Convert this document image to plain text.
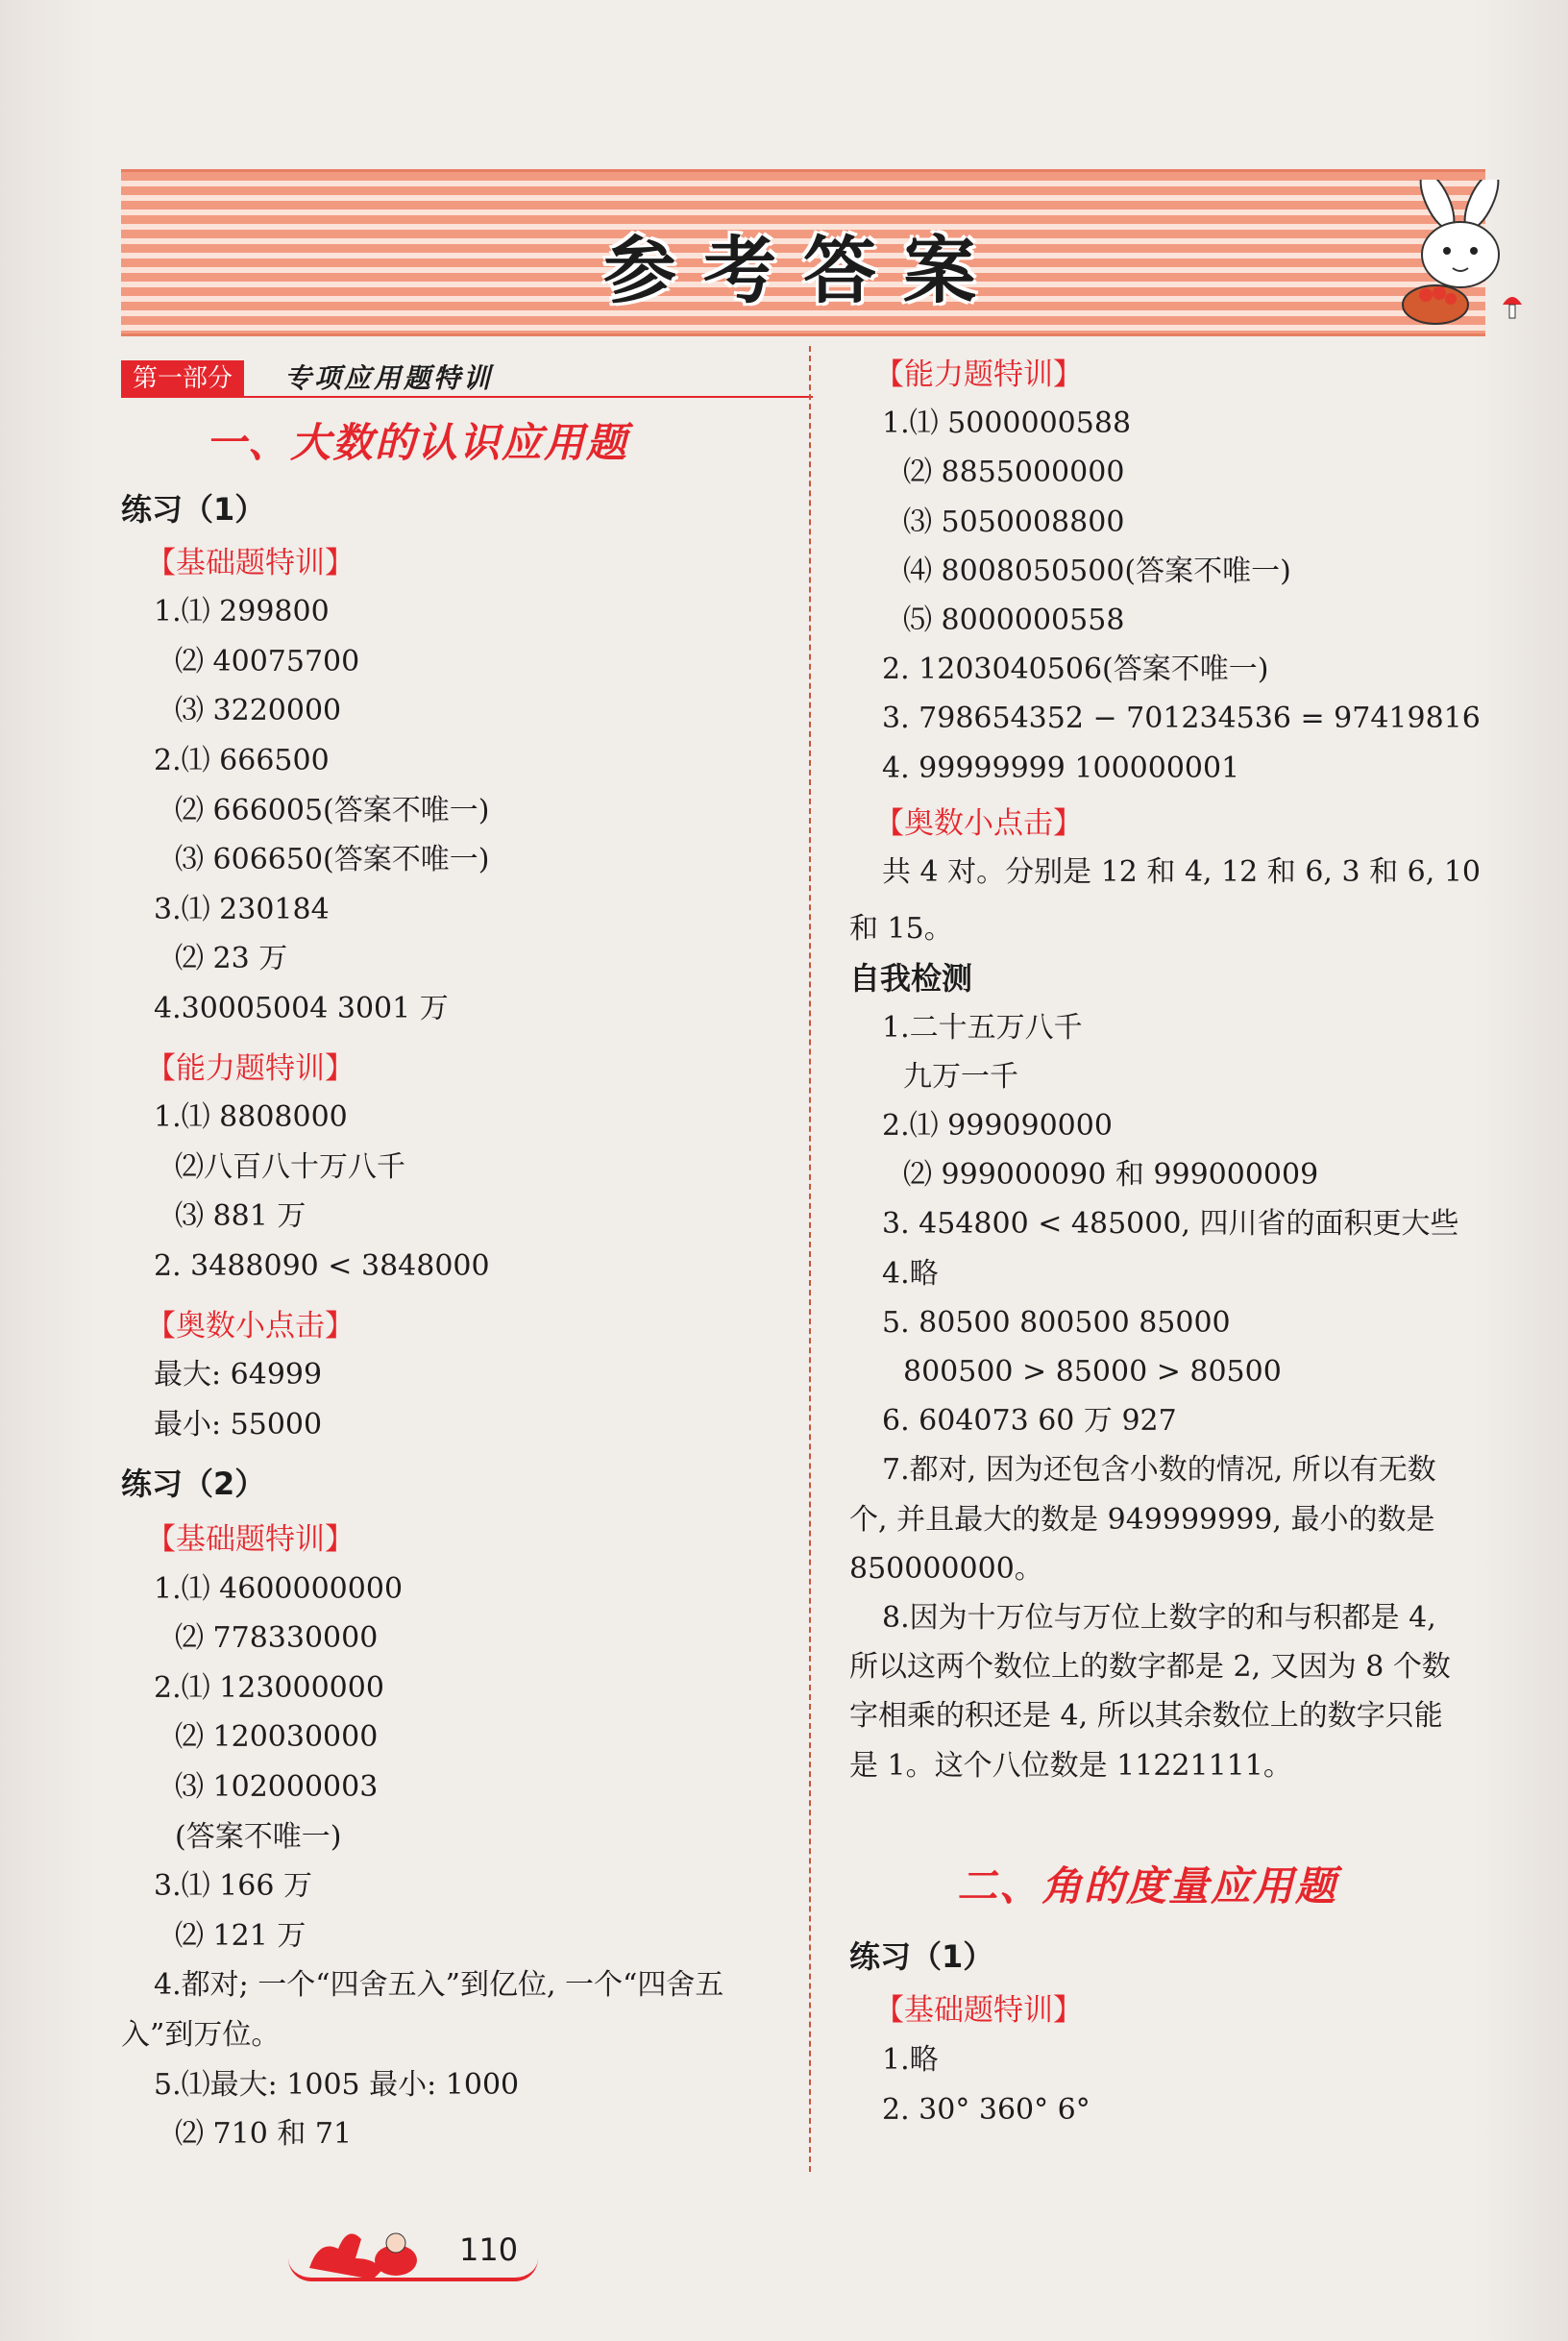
参考答案
第一部分	专项应用题特训
一、大数的认识应用题
二、角的度量应用题
练习（1）
【基础题特训】
1.⑴ 299800
⑵ 40075700
⑶ 3220000
2.⑴ 666500
⑵ 666005(答案不唯一)
⑶ 606650(答案不唯一)
3.⑴ 230184
⑵ 23 万
4.30005004 3001 万
【能力题特训】
1.⑴ 8808000
⑵八百八十万八千
⑶ 881 万
2. 3488090 < 3848000
【奥数小点击】
最大: 64999
最小: 55000
练习（2）
【基础题特训】
1.⑴ 4600000000
⑵ 778330000
2.⑴ 123000000
⑵ 120030000
⑶ 102000003
(答案不唯一)
3.⑴ 166 万
⑵ 121 万
4.都对; 一个“四舍五入”到亿位, 一个“四舍五
入”到万位。
5.⑴最大: 1005 最小: 1000
⑵ 710 和 71
【能力题特训】
1.⑴ 5000000588
⑵ 8855000000
⑶ 5050008800
⑷ 8008050500(答案不唯一)
⑸ 8000000558
2. 1203040506(答案不唯一)
3. 798654352 − 701234536 = 97419816
4. 99999999 100000001
【奥数小点击】
共 4 对。分别是 12 和 4, 12 和 6, 3 和 6, 10
和 15。
自我检测
1.二十五万八千
九万一千
2.⑴ 999090000
⑵ 999000090 和 999000009
3. 454800 < 485000, 四川省的面积更大些
4.略
5. 80500 800500 85000
800500 > 85000 > 80500
6. 604073 60 万 927
7.都对, 因为还包含小数的情况, 所以有无数
个, 并且最大的数是 949999999, 最小的数是
850000000。
8.因为十万位与万位上数字的和与积都是 4,
所以这两个数位上的数字都是 2, 又因为 8 个数
字相乘的积还是 4, 所以其余数位上的数字只能
是 1。这个八位数是 11221111。
练习（1）
【基础题特训】
1.略
2. 30° 360° 6°
110
